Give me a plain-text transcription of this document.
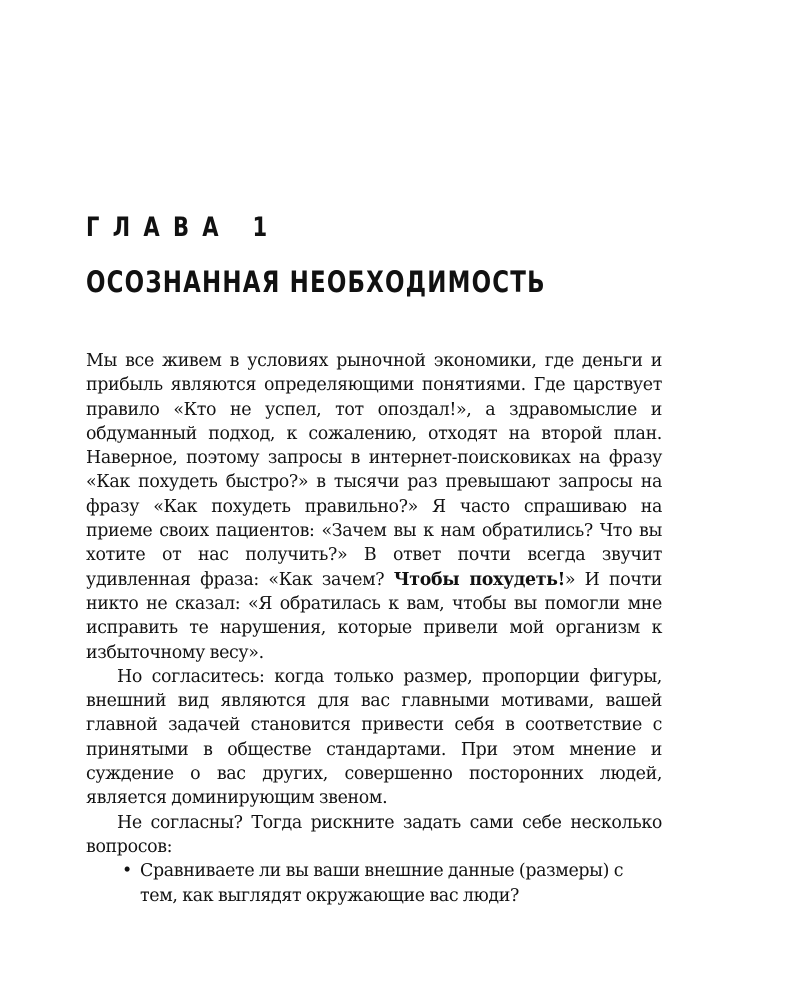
ГЛАВА 1
ОСОЗНАННАЯ НЕОБХОДИМОСТЬ

Мы все живем в условиях рыночной экономики, где деньги и прибыль являются определяющими понятиями. Где царствует правило «Кто не успел, тот опоздал!», а здравомыслие и обдуманный подход, к сожалению, отходят на второй план. Наверное, поэтому запросы в интернет-поисковиках на фразу «Как похудеть быстро?» в тысячи раз превышают запросы на фразу «Как похудеть правильно?» Я часто спрашиваю на приеме своих пациентов: «Зачем вы к нам обратились? Что вы хотите от нас получить?» В ответ почти всегда звучит удивленная фраза: «Как зачем? Чтобы похудеть!» И почти никто не сказал: «Я обратилась к вам, чтобы вы помогли мне исправить те нарушения, которые привели мой организм к избыточному весу».

Но согласитесь: когда только размер, пропорции фигуры, внешний вид являются для вас главными мотивами, вашей главной задачей становится привести себя в соответствие с принятыми в обществе стандартами. При этом мнение и суждение о вас других, совершенно посторонних людей, является доминирующим звеном.

Не согласны? Тогда рискните задать сами себе несколько вопросов:

• Сравниваете ли вы ваши внешние данные (размеры) с тем, как выглядят окружающие вас люди?
